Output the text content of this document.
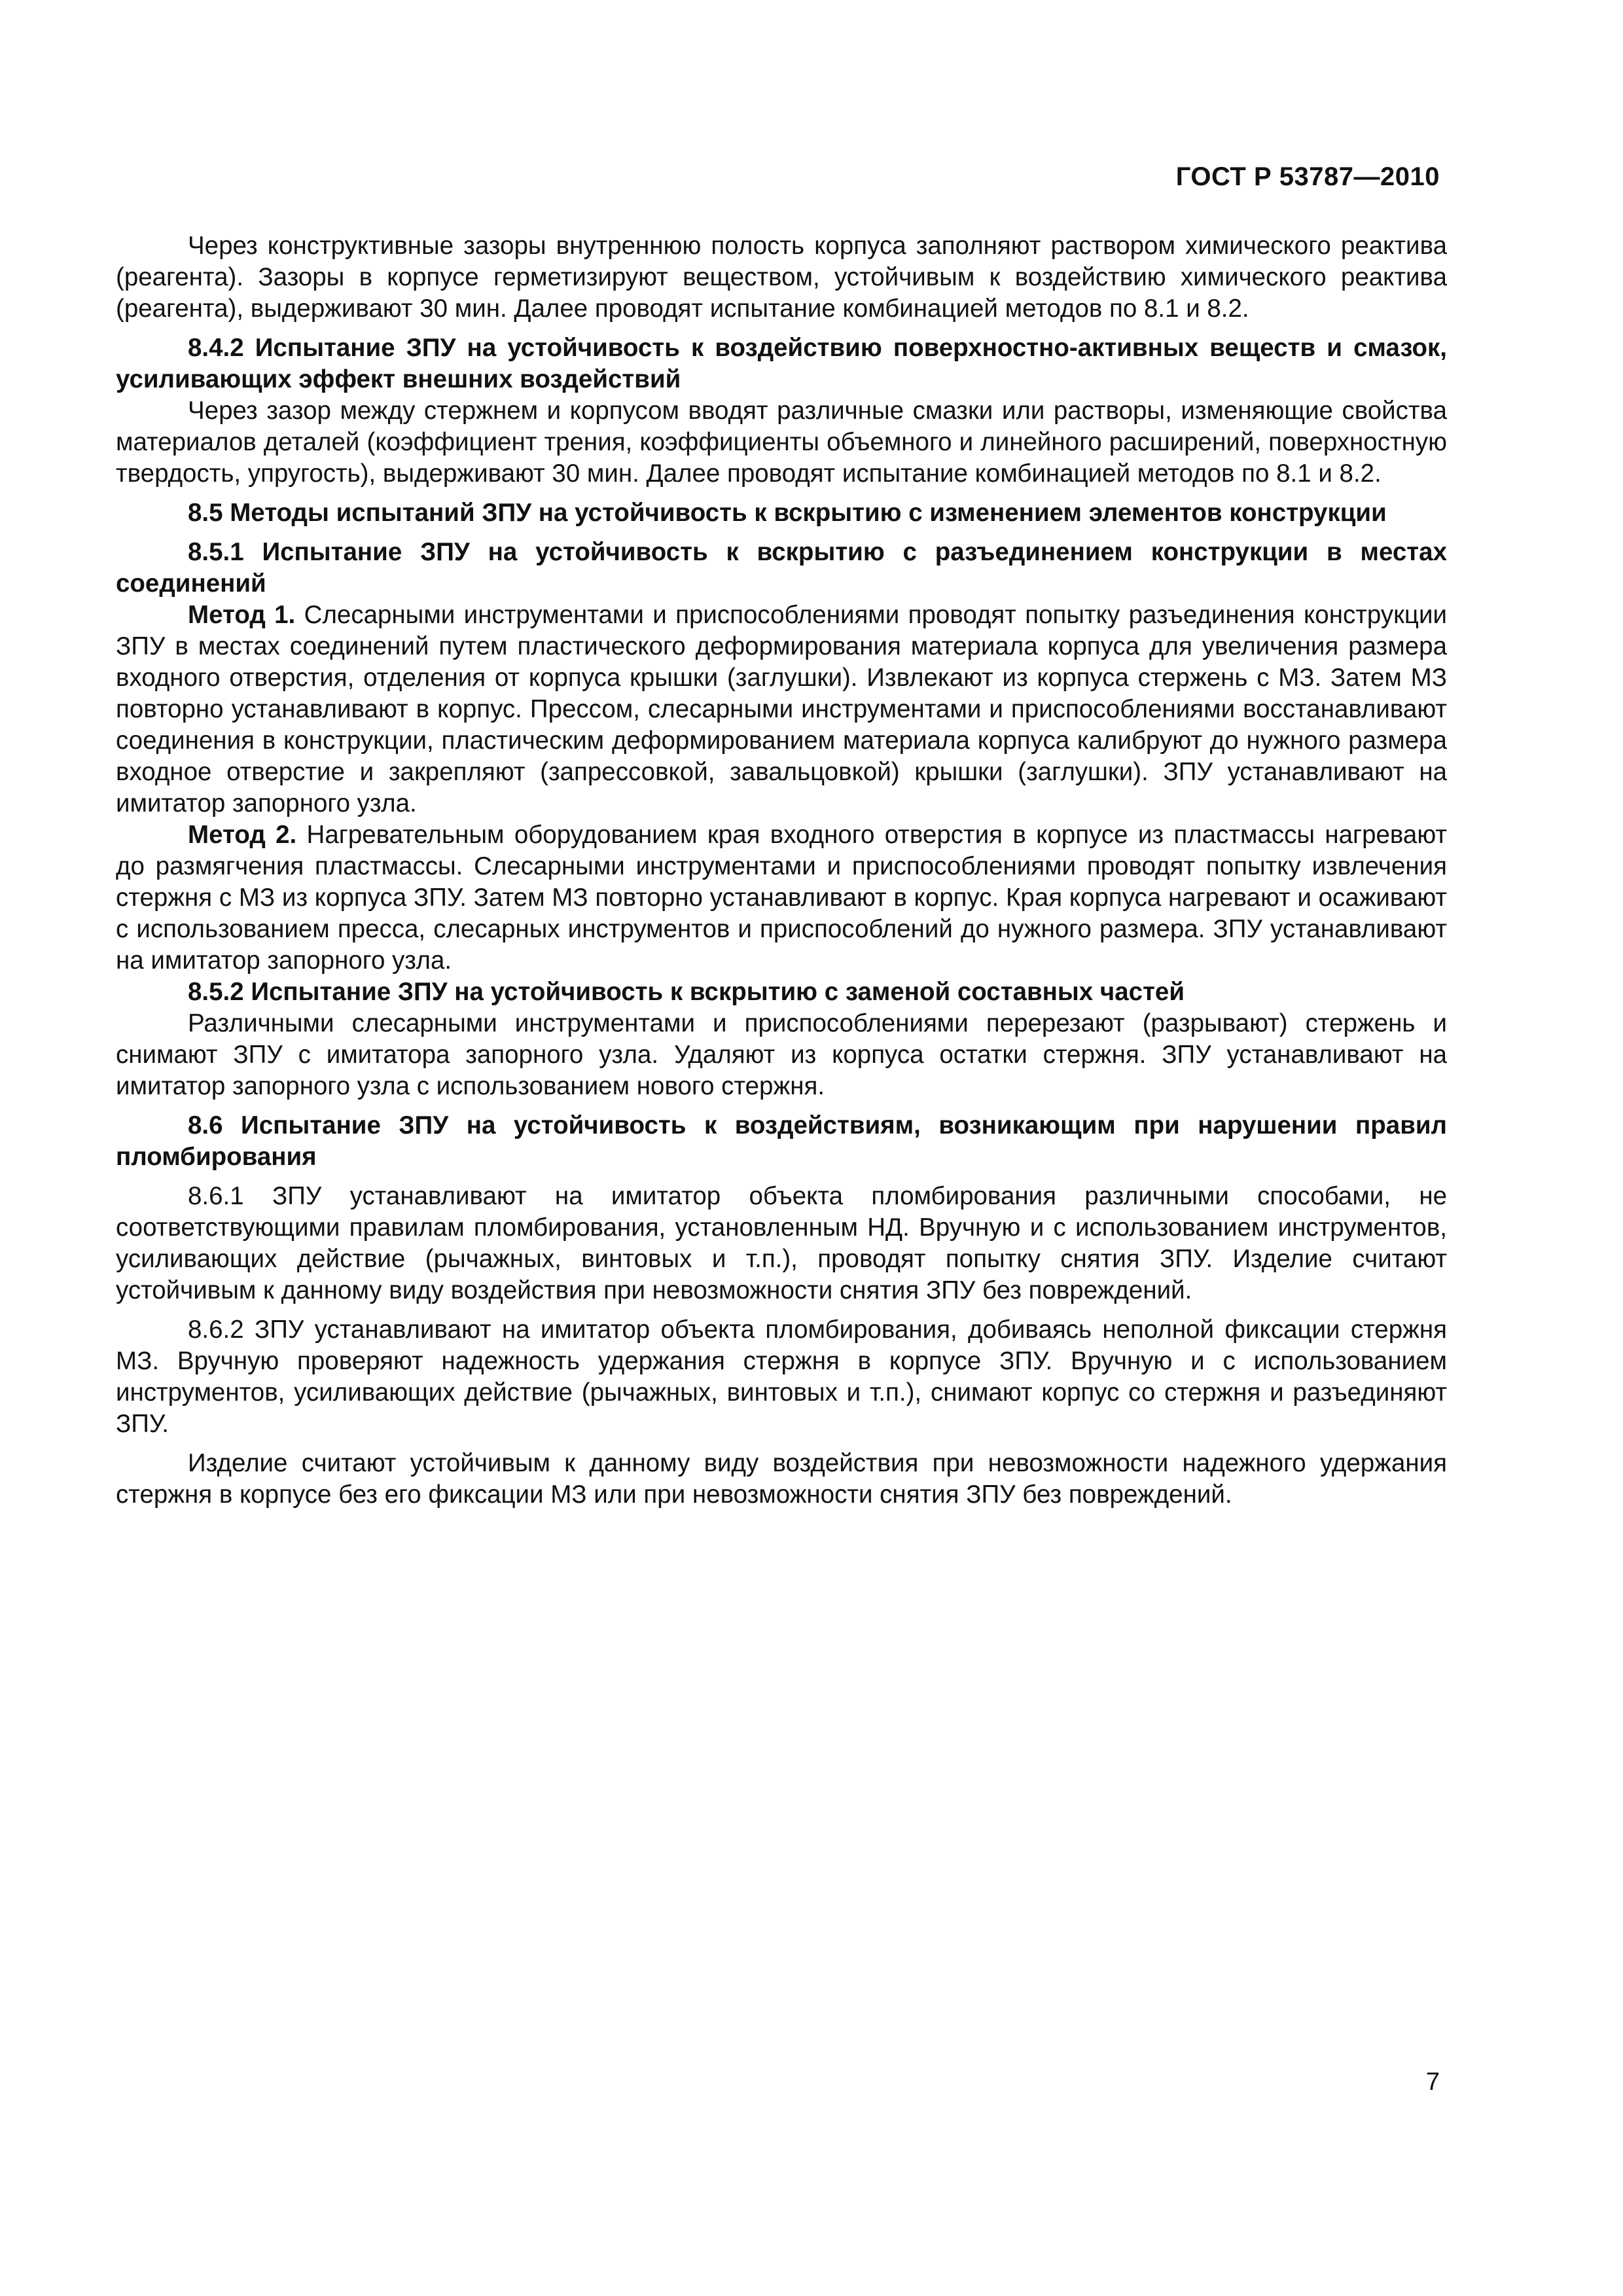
ГОСТ Р 53787—2010

Через конструктивные зазоры внутреннюю полость корпуса заполняют раствором химического реактива (реагента). Зазоры в корпусе герметизируют веществом, устойчивым к воздействию химического реактива (реагента), выдерживают 30 мин. Далее проводят испытание комбинацией методов по 8.1 и 8.2.

8.4.2 Испытание ЗПУ на устойчивость к воздействию поверхностно-активных веществ и смазок, усиливающих эффект внешних воздействий

Через зазор между стержнем и корпусом вводят различные смазки или растворы, изменяющие свойства материалов деталей (коэффициент трения, коэффициенты объемного и линейного расширений, поверхностную твердость, упругость), выдерживают 30 мин. Далее проводят испытание комбинацией методов по 8.1 и 8.2.

8.5 Методы испытаний ЗПУ на устойчивость к вскрытию с изменением элементов конструкции

8.5.1 Испытание ЗПУ на устойчивость к вскрытию с разъединением конструкции в местах соединений

Метод 1. Слесарными инструментами и приспособлениями проводят попытку разъединения конструкции ЗПУ в местах соединений путем пластического деформирования материала корпуса для увеличения размера входного отверстия, отделения от корпуса крышки (заглушки). Извлекают из корпуса стержень с МЗ. Затем МЗ повторно устанавливают в корпус. Прессом, слесарными инструментами и приспособлениями восстанавливают соединения в конструкции, пластическим деформированием материала корпуса калибруют до нужного размера входное отверстие и закрепляют (запрессовкой, завальцовкой) крышки (заглушки). ЗПУ устанавливают на имитатор запорного узла.

Метод 2. Нагревательным оборудованием края входного отверстия в корпусе из пластмассы нагревают до размягчения пластмассы. Слесарными инструментами и приспособлениями проводят попытку извлечения стержня с МЗ из корпуса ЗПУ. Затем МЗ повторно устанавливают в корпус. Края корпуса нагревают и осаживают с использованием пресса, слесарных инструментов и приспособлений до нужного размера. ЗПУ устанавливают на имитатор запорного узла.

8.5.2 Испытание ЗПУ на устойчивость к вскрытию с заменой составных частей

Различными слесарными инструментами и приспособлениями перерезают (разрывают) стержень и снимают ЗПУ с имитатора запорного узла. Удаляют из корпуса остатки стержня. ЗПУ устанавливают на имитатор запорного узла с использованием нового стержня.

8.6 Испытание ЗПУ на устойчивость к воздействиям, возникающим при нарушении правил пломбирования

8.6.1 ЗПУ устанавливают на имитатор объекта пломбирования различными способами, не соответствующими правилам пломбирования, установленным НД. Вручную и с использованием инструментов, усиливающих действие (рычажных, винтовых и т.п.), проводят попытку снятия ЗПУ. Изделие считают устойчивым к данному виду воздействия при невозможности снятия ЗПУ без повреждений.

8.6.2 ЗПУ устанавливают на имитатор объекта пломбирования, добиваясь неполной фиксации стержня МЗ. Вручную проверяют надежность удержания стержня в корпусе ЗПУ. Вручную и с использованием инструментов, усиливающих действие (рычажных, винтовых и т.п.), снимают корпус со стержня и разъединяют ЗПУ.

Изделие считают устойчивым к данному виду воздействия при невозможности надежного удержания стержня в корпусе без его фиксации МЗ или при невозможности снятия ЗПУ без повреждений.

7
